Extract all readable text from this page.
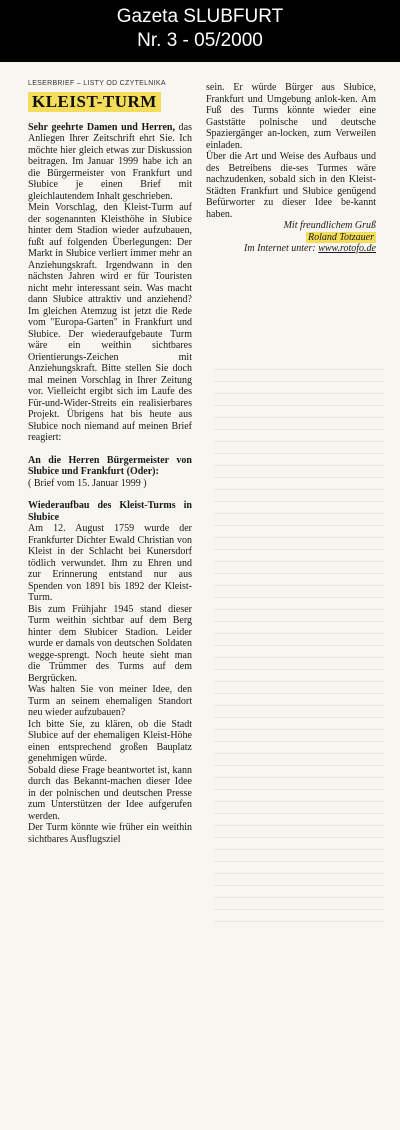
Gazeta SLUBFURT
Nr. 3 - 05/2000
LESERBRIEF – LISTY OD CZYTELNIKA
KLEIST-TURM

Sehr geehrte Damen und Herren, das Anliegen Ihrer Zeitschrift ehrt Sie. Ich möchte hier gleich etwas zur Diskussion beitragen. Im Januar 1999 habe ich an die Bürgermeister von Frankfurt und Słubice je einen Brief mit gleichlautendem Inhalt geschrieben.

Mein Vorschlag, den Kleist-Turm auf der sogenannten Kleisthöhe in Słubice hinter dem Stadion wieder aufzubauen, fußt auf folgenden Überlegungen: Der Markt in Słubice verliert immer mehr an Anziehungskraft. Irgendwann in den nächsten Jahren wird er für Touristen nicht mehr interessant sein. Was macht dann Słubice attraktiv und anziehend? Im gleichen Atemzug ist jetzt die Rede vom "Europa-Garten" in Frankfurt und Słubice. Der wiederaufgebaute Turm wäre ein weithin sichtbares Orientierungs-Zeichen mit Anziehungskraft. Bitte stellen Sie doch mal meinen Vorschlag in Ihrer Zeitung vor. Vielleicht ergibt sich im Laufe des Für-und-Wider-Streits ein realisierbares Projekt. Übrigens hat bis heute aus Słubice noch niemand auf meinen Brief reagiert:

An die Herren Bürgermeister von Słubice und Frankfurt (Oder):

( Brief vom 15. Januar 1999 )

Wiederaufbau des Kleist-Turms in Słubice

Am 12. August 1759 wurde der Frankfurter Dichter Ewald Christian von Kleist in der Schlacht bei Kunersdorf tödlich verwundet. Ihm zu Ehren und zur Erinnerung entstand nur aus Spenden von 1891 bis 1892 der Kleist-Turm.

Bis zum Frühjahr 1945 stand dieser Turm weithin sichtbar auf dem Berg hinter dem Słubicer Stadion. Leider wurde er damals von deutschen Soldaten wegge-sprengt. Noch heute sieht man die Trümmer des Turms auf dem Bergrücken.

Was halten Sie von meiner Idee, den Turm an seinem ehemaligen Standort neu wieder aufzubauen?

Ich bitte Sie, zu klären, ob die Stadt Słubice auf der ehemaligen Kleist-Höhe einen entsprechend großen Bauplatz genehmigen würde.

Sobald diese Frage beantwortet ist, kann durch das Bekannt-machen dieser Idee in der polnischen und deutschen Presse zum Unterstützen der Idee aufgerufen werden.

Der Turm könnte wie früher ein weithin sichtbares Ausflugsziel

sein. Er würde Bürger aus Słubice, Frankfurt und Umgebung anlok-ken. Am Fuß des Turms könnte wieder eine Gaststätte polnische und deutsche Spaziergänger an-locken, zum Verweilen einladen.

Über die Art und Weise des Aufbaus und des Betreibens die-ses Turmes wäre nachzudenken, sobald sich in den Kleist-Städten Frankfurt und Słubice genügend Befürworter zu dieser Idee be-kannt haben.

Mit freundlichem Gruß

Roland Totzauer

Im Internet unter: www.rotofo.de
